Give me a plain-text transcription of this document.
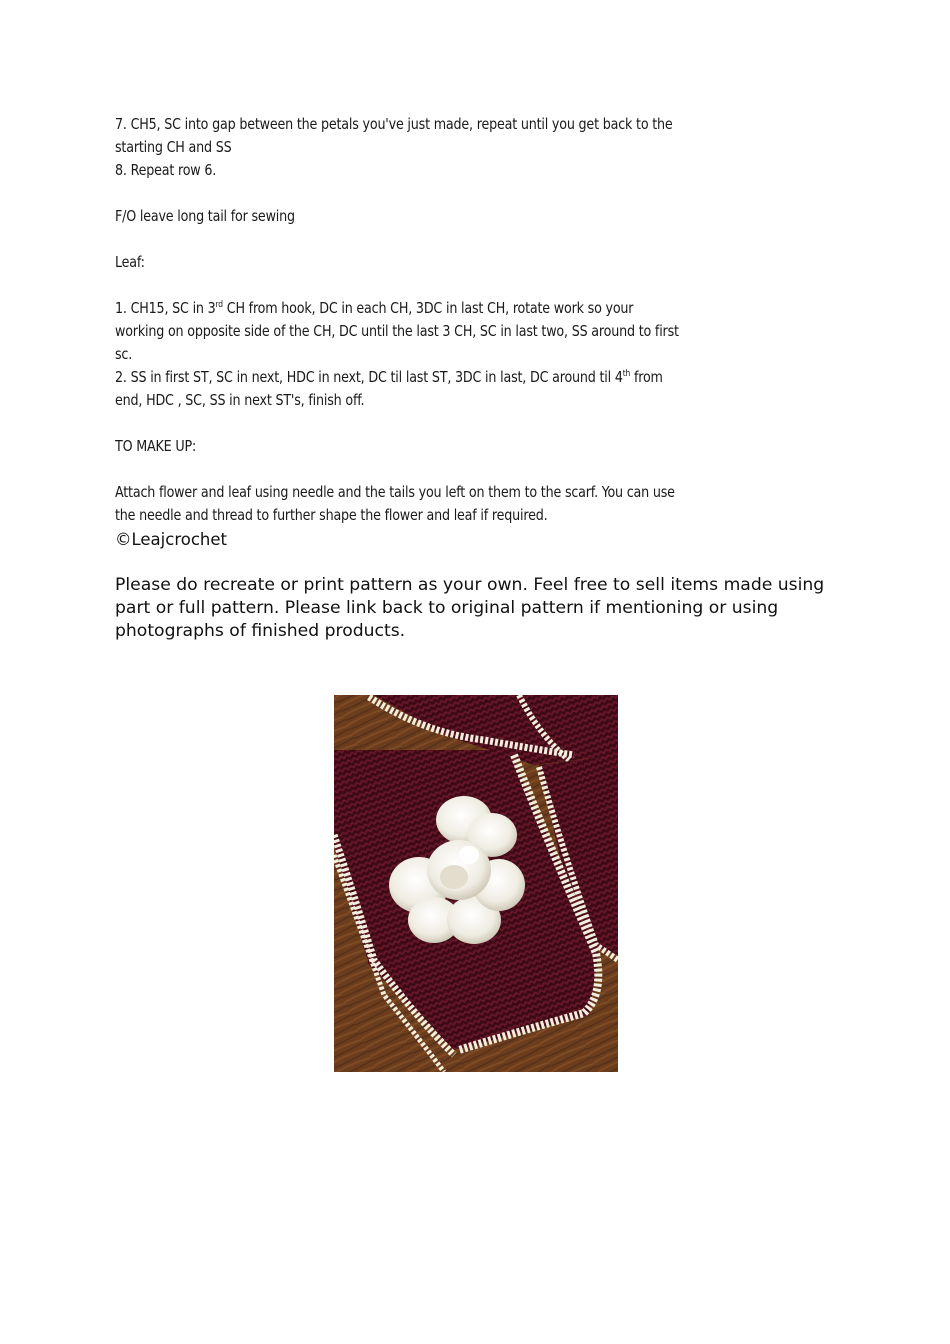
7. CH5, SC into gap between the petals you've just made, repeat until you get back to the
starting CH and SS
8. Repeat row 6.
F/O leave long tail for sewing
Leaf:
1. CH15, SC in 3rd CH from hook, DC in each CH, 3DC in last CH, rotate work so your
working on opposite side of the CH, DC until the last 3 CH, SC in last two, SS around to first
sc.
2. SS in first ST, SC in next, HDC in next, DC til last ST, 3DC in last, DC around til 4th from
end, HDC , SC, SS in next ST's, finish off.
TO MAKE UP:
Attach flower and leaf using needle and the tails you left on them to the scarf. You can use
the needle and thread to further shape the flower and leaf if required.
©Leajcrochet
Please do recreate or print pattern as your own. Feel free to sell items made using
part or full pattern. Please link back to original pattern if mentioning or using
photographs of finished products.
